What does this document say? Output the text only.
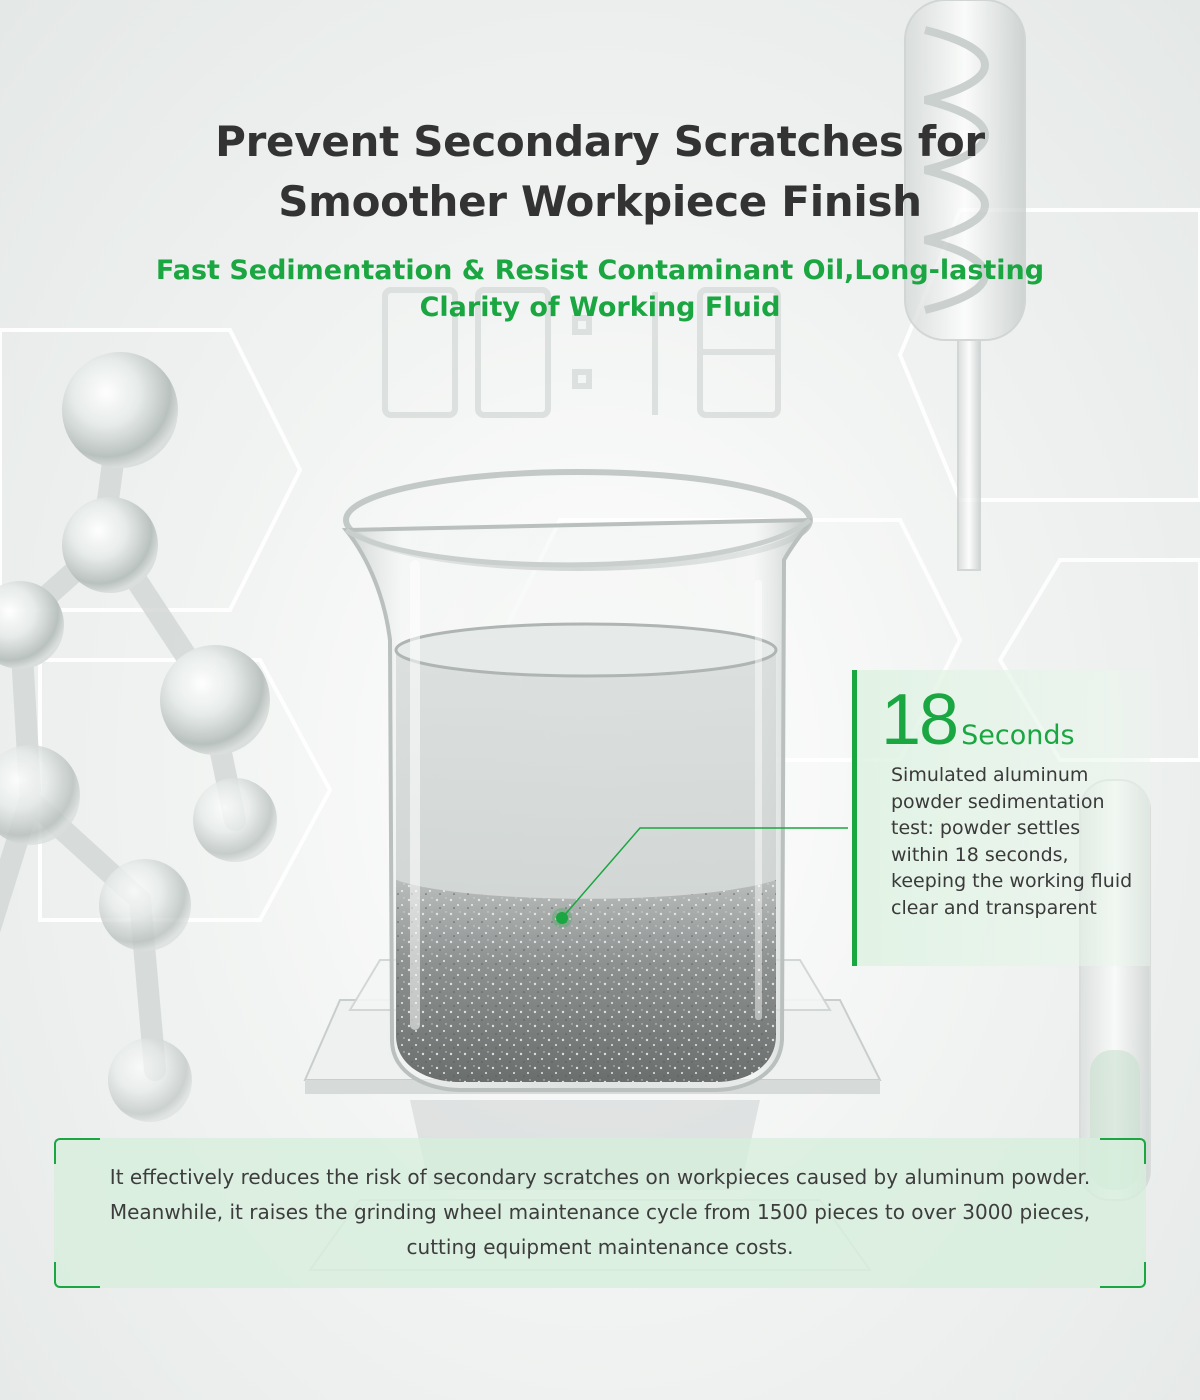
Prevent Secondary Scratches for
Smoother Workpiece Finish
Fast Sedimentation & Resist Contaminant Oil,Long-lasting
Clarity of Working Fluid
18 Seconds

Simulated aluminum powder sedimentation test: powder settles within 18 seconds, keeping the working fluid clear and transparent

It effectively reduces the risk of secondary scratches on workpieces caused by aluminum powder. Meanwhile, it raises the grinding wheel maintenance cycle from 1500 pieces to over 3000 pieces, cutting equipment maintenance costs.
